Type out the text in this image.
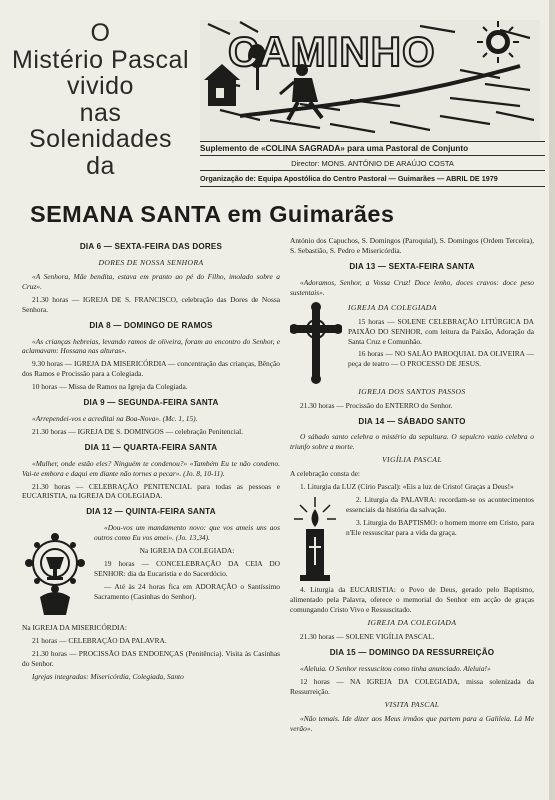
O
Mistério Pascal
vivido
nas
Solenidades
da
CAMINHO
Suplemento de «COLINA SAGRADA» para uma Pastoral de Conjunto
Director: MONS. ANTÓNIO DE ARAÚJO COSTA
Organização de: Equipa Apostólica do Centro Pastoral — Guimarães — ABRIL DE 1979
SEMANA SANTA em Guimarães
DIA 6 — SEXTA-FEIRA DAS DORES
DORES DE NOSSA SENHORA

«A Senhora, Mãe bendita, estava em pranto ao pé do Filho, imolado sobre a Cruz».

21.30 horas — IGREJA DE S. FRANCISCO, celebração das Dores de Nossa Senhora.

DIA 8 — DOMINGO DE RAMOS

«As crianças hebreias, levando ramos de oliveira, foram ao encontro do Senhor, e aclamavam: Hossana nas alturas».

9.30 horas — IGREJA DA MISERICÓRDIA — concentração das crianças, Bênção dos Ramos e Procissão para a Colegiada.

10 horas — Missa de Ramos na Igreja da Colegiada.

DIA 9 — SEGUNDA-FEIRA SANTA

«Arrependei-vos e acreditai na Boa-Nova». (Mc. 1, 15).

21.30 horas — IGREJA DE S. DOMINGOS — celebração Penitencial.

DIA 11 — QUARTA-FEIRA SANTA

«Mulher, onde estão eles? Ninguém te condenou?» «Também Eu te não condeno. Vai-te embora e daqui em diante não tornes a pecar». (Jo. 8, 10-11).

21.30 horas — CELEBRAÇÃO PENITENCIAL para todas as pessoas e EUCARISTIA, na IGREJA DA COLEGIADA.

DIA 12 — QUINTA-FEIRA SANTA

«Dou-vos um mandamento novo: que vos ameis uns aos outros como Eu vos amei». (Jo. 13,34).

Na IGREJA DA COLEGIADA:

19 horas — CONCELEBRAÇÃO DA CEIA DO SENHOR: dia da Eucaristia e do Sacerdócio.

— Até às 24 horas fica em ADORAÇÃO o Santíssimo Sacramento (Casinhas do Senhor).

Na IGREJA DA MISERICÓRDIA:

21 horas — CELEBRAÇÃO DA PALAVRA.

21.30 horas — PROCISSÃO DAS ENDOENÇAS (Penitência). Visita às Casinhas do Senhor.

Igrejas integradas: Misericórdia, Colegiada, Santo

António dos Capuchos, S. Domingos (Paroquial), S. Domingos (Ordem Terceira), S. Sebastião, S. Pedro e Misericórdia.

DIA 13 — SEXTA-FEIRA SANTA

«Adoramos, Senhor, a Vossa Cruz! Doce lenho, doces cravos: doce peso sustentais».

IGREJA DA COLEGIADA

15 horas — SOLENE CELEBRAÇÃO LITÚRGICA DA PAIXÃO DO SENHOR, com leitura da Paixão, Adoração da Santa Cruz e Comunhão.

16 horas — NO SALÃO PAROQUIAL DA OLIVEIRA — peça de teatro — O PROCESSO DE JESUS.

IGREJA DOS SANTOS PASSOS

21.30 horas — Procissão do ENTERRO do Senhor.

DIA 14 — SÁBADO SANTO

O sábado santo celebra o mistério da sepultura. O sepulcro vazio celebra o triunfo sobre a morte.

VIGÍLIA PASCAL

A celebração consta de:

1. Liturgia da LUZ (Círio Pascal): «Eis a luz de Cristo! Graças a Deus!»

2. Liturgia da PALAVRA: recordam-se os acontecimentos essenciais da história da salvação.

3. Liturgia do BAPTISMO: o homem morre em Cristo, para n'Ele ressuscitar para a vida da graça.

4. Liturgia da EUCARISTIA: o Povo de Deus, gerado pelo Baptismo, alimentado pela Palavra, oferece o memorial do Senhor em acção de graças comungando Cristo Vivo e Ressuscitado.

IGREJA DA COLEGIADA

21.30 horas — SOLENE VIGÍLIA PASCAL.

DIA 15 — DOMINGO DA RESSURREIÇÃO

«Aleluia. O Senhor ressuscitou como tinha anunciado. Aleluia!»

12 horas — NA IGREJA DA COLEGIADA, missa solenizada da Ressurreição.

VISITA PASCAL

«Não temais. Ide dizer aos Meus irmãos que partem para a Galileia. Lá Me verão».
